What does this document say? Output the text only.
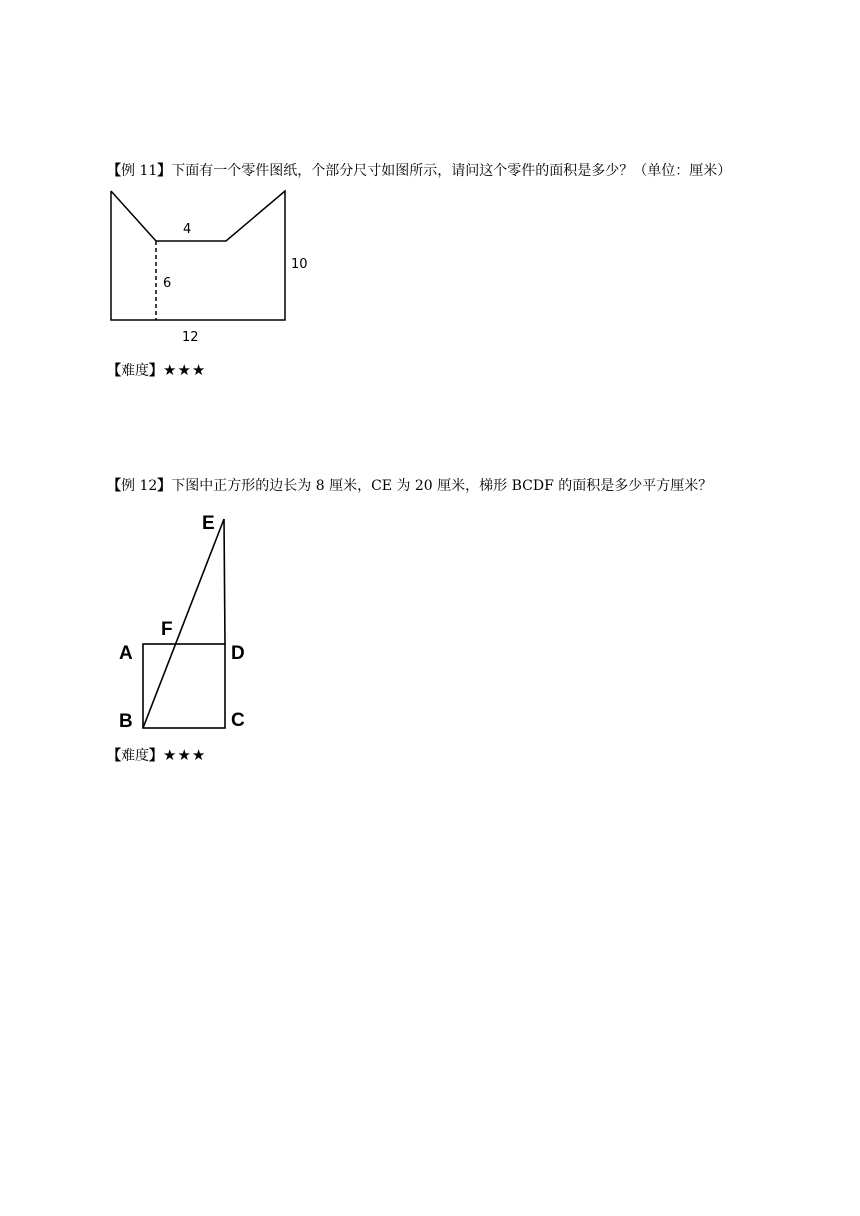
【例 11】下面有一个零件图纸，个部分尺寸如图所示，请问这个零件的面积是多少？（单位：厘米）
4
6
10
12
E
F
A	D
B	C
【难度】★★★
【例 12】下图中正方形的边长为 8 厘米，CE 为 20 厘米，梯形 BCDF 的面积是多少平方厘米？
【难度】★★★
